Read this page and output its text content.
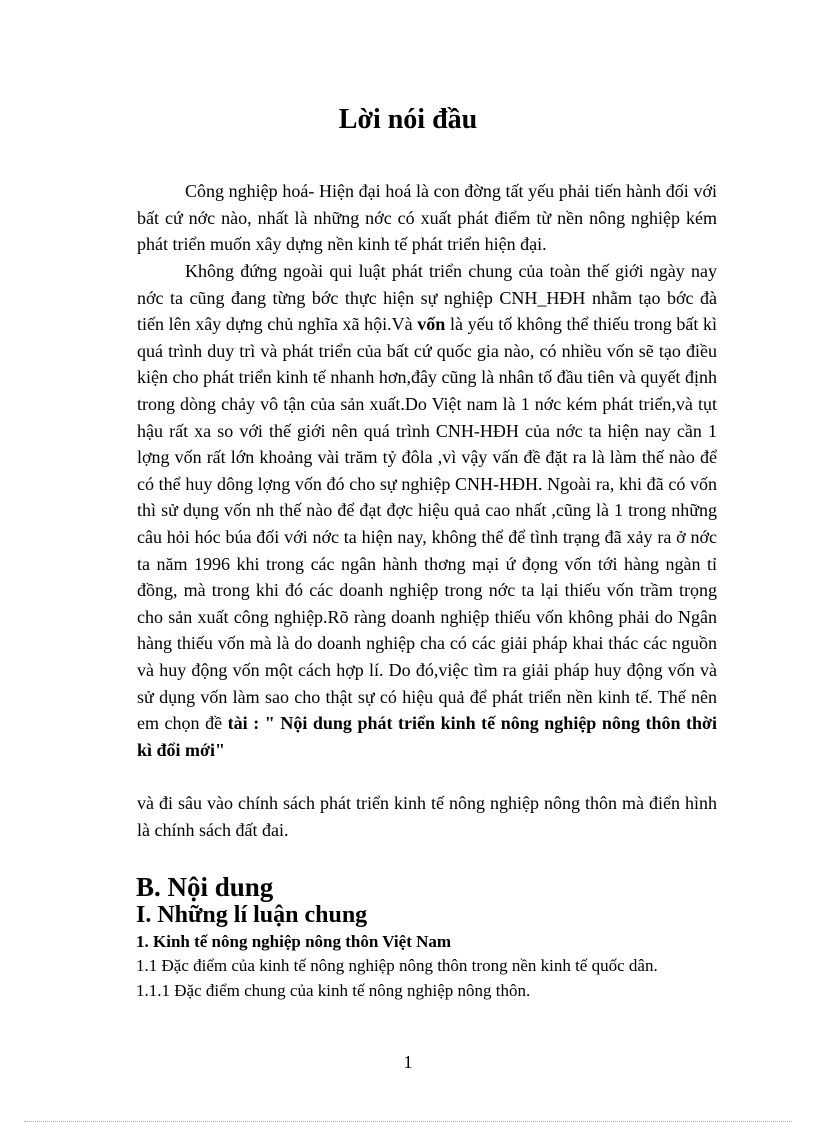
Lời nói đầu

Công nghiệp hoá- Hiện đại hoá là con đờng tất yếu phải tiến hành đối với bất cứ nớc nào, nhất là những nớc có xuất phát điểm từ nền nông nghiệp kém phát triển muốn xây dựng nền kinh tế phát triển hiện đại.

Không đứng ngoài qui luật phát triển chung của toàn thế giới ngày nay nớc ta cũng đang từng bớc thực hiện sự nghiệp CNH_HĐH nhằm tạo bớc đà tiến lên xây dựng chủ nghĩa xã hội.Và vốn là yếu tố không thể thiếu trong bất kì quá trình duy trì và phát triển của bất cứ quốc gia nào, có nhiều vốn sẽ tạo điều kiện cho phát triển kinh tế nhanh hơn,đây cũng là nhân tố đầu tiên và quyết định trong dòng chảy vô tận của sản xuất.Do Việt nam là 1 nớc kém phát triển,và tụt hậu rất xa so với thế giới nên quá trình CNH-HĐH của nớc ta hiện nay cần 1 lợng vốn rất lớn khoảng vài trăm tỷ đôla ,vì vậy vấn đề đặt ra là làm thế nào để có thể huy dông lợng vốn đó cho sự nghiệp CNH-HĐH. Ngoài ra, khi đã có vốn thì sử dụng vốn nh thế nào để đạt đợc hiệu quả cao nhất ,cũng là 1 trong những câu hỏi hóc búa đối với nớc ta hiện nay, không thể để tình trạng đã xảy ra ở nớc ta năm 1996 khi trong các ngân hành thơng mại ứ đọng vốn tới hàng ngàn tỉ đồng, mà trong khi đó các doanh nghiệp trong nớc ta lại thiếu vốn trầm trọng cho sản xuất công nghiệp.Rõ ràng doanh nghiệp thiếu vốn không phải do Ngân hàng thiếu vốn mà là do doanh nghiệp cha có các giải pháp khai thác các nguồn và huy động vốn một cách hợp lí. Do đó,việc tìm ra giải pháp huy động vốn và sử dụng vốn làm sao cho thật sự có hiệu quả để phát triển nền kinh tế. Thế nên em chọn đề tài : " Nội dung phát triển kinh tế nông nghiệp nông thôn thời kì đổi mới"

và đi sâu vào chính sách phát triển kinh tế nông nghiệp nông thôn mà điển hình là chính sách đất đai.

B. Nội dung
I. Những lí luận chung
1. Kinh tế nông nghiệp nông thôn Việt Nam

1.1 Đặc điểm của kinh tế nông nghiệp nông thôn trong nền kinh tế quốc dân.

1.1.1 Đặc điểm chung của kinh tế nông nghiệp nông thôn.

1
